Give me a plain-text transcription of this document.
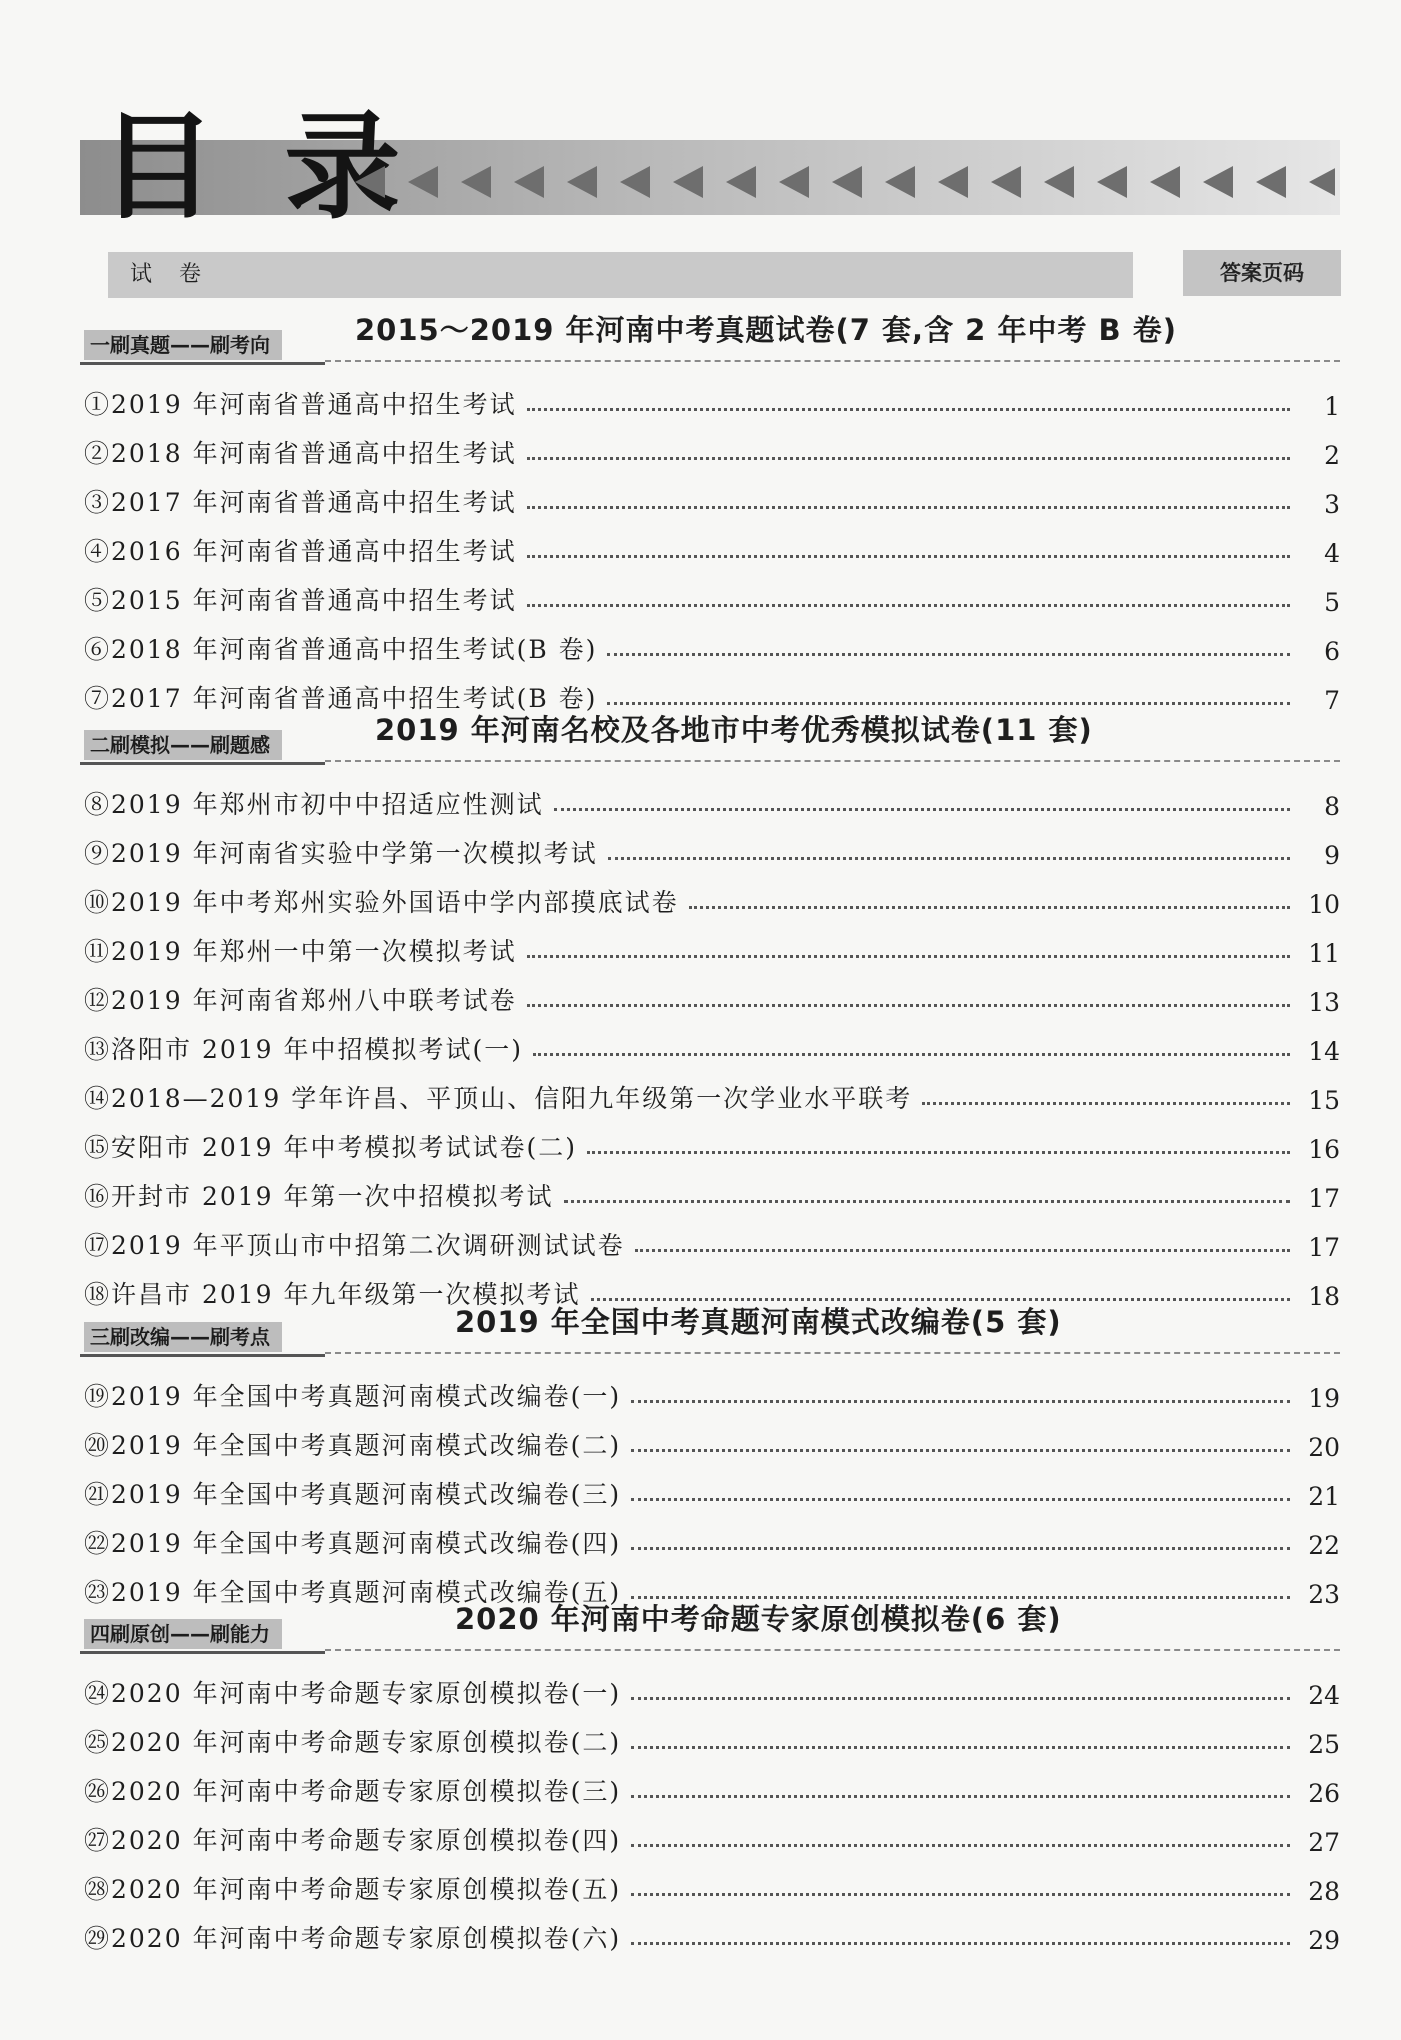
目 录
试 卷	答案页码
一刷真题——刷考向	2015～2019 年河南中考真题试卷(7 套,含 2 年中考 B 卷)
①2019 年河南省普通高中招生考试	1
②2018 年河南省普通高中招生考试	2
③2017 年河南省普通高中招生考试	3
④2016 年河南省普通高中招生考试	4
⑤2015 年河南省普通高中招生考试	5
⑥2018 年河南省普通高中招生考试(B 卷)	6
⑦2017 年河南省普通高中招生考试(B 卷)	7
二刷模拟——刷题感	2019 年河南名校及各地市中考优秀模拟试卷(11 套)
⑧2019 年郑州市初中中招适应性测试	8
⑨2019 年河南省实验中学第一次模拟考试	9
⑩2019 年中考郑州实验外国语中学内部摸底试卷	10
⑪2019 年郑州一中第一次模拟考试	11
⑫2019 年河南省郑州八中联考试卷	13
⑬洛阳市 2019 年中招模拟考试(一)	14
⑭2018—2019 学年许昌、平顶山、信阳九年级第一次学业水平联考	15
⑮安阳市 2019 年中考模拟考试试卷(二)	16
⑯开封市 2019 年第一次中招模拟考试	17
⑰2019 年平顶山市中招第二次调研测试试卷	17
⑱许昌市 2019 年九年级第一次模拟考试	18
三刷改编——刷考点	2019 年全国中考真题河南模式改编卷(5 套)
⑲2019 年全国中考真题河南模式改编卷(一)	19
⑳2019 年全国中考真题河南模式改编卷(二)	20
㉑2019 年全国中考真题河南模式改编卷(三)	21
㉒2019 年全国中考真题河南模式改编卷(四)	22
㉓2019 年全国中考真题河南模式改编卷(五)	23
四刷原创——刷能力	2020 年河南中考命题专家原创模拟卷(6 套)
㉔2020 年河南中考命题专家原创模拟卷(一)	24
㉕2020 年河南中考命题专家原创模拟卷(二)	25
㉖2020 年河南中考命题专家原创模拟卷(三)	26
㉗2020 年河南中考命题专家原创模拟卷(四)	27
㉘2020 年河南中考命题专家原创模拟卷(五)	28
㉙2020 年河南中考命题专家原创模拟卷(六)	29
